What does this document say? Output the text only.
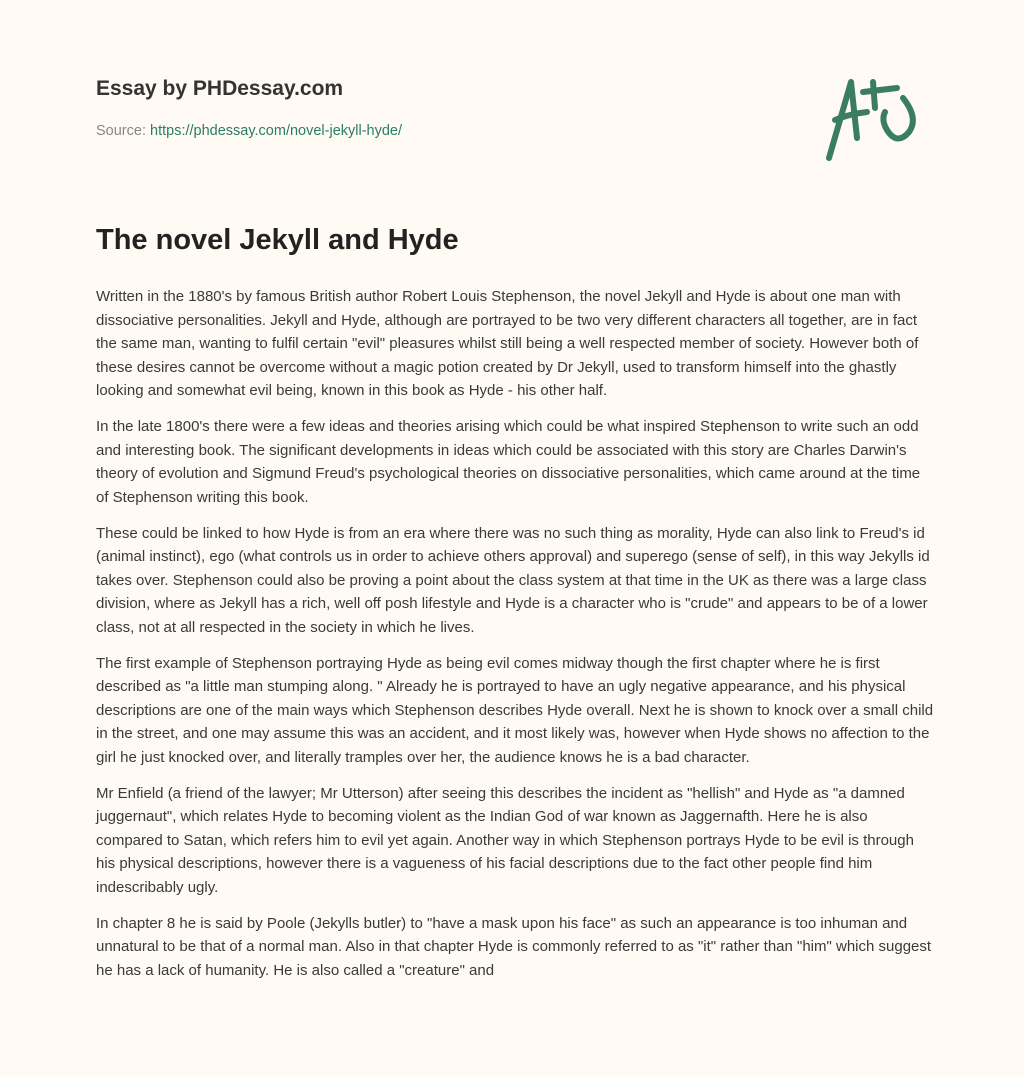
Essay by PHDessay.com
Source: https://phdessay.com/novel-jekyll-hyde/
The novel Jekyll and Hyde

Written in the 1880's by famous British author Robert Louis Stephenson, the novel Jekyll and Hyde is about one man with dissociative personalities. Jekyll and Hyde, although are portrayed to be two very different characters all together, are in fact the same man, wanting to fulfil certain "evil" pleasures whilst still being a well respected member of society. However both of these desires cannot be overcome without a magic potion created by Dr Jekyll, used to transform himself into the ghastly looking and somewhat evil being, known in this book as Hyde - his other half.

In the late 1800's there were a few ideas and theories arising which could be what inspired Stephenson to write such an odd and interesting book. The significant developments in ideas which could be associated with this story are Charles Darwin's theory of evolution and Sigmund Freud's psychological theories on dissociative personalities, which came around at the time of Stephenson writing this book.

These could be linked to how Hyde is from an era where there was no such thing as morality, Hyde can also link to Freud's id (animal instinct), ego (what controls us in order to achieve others approval) and superego (sense of self), in this way Jekylls id takes over. Stephenson could also be proving a point about the class system at that time in the UK as there was a large class division, where as Jekyll has a rich, well off posh lifestyle and Hyde is a character who is "crude" and appears to be of a lower class, not at all respected in the society in which he lives.

The first example of Stephenson portraying Hyde as being evil comes midway though the first chapter where he is first described as "a little man stumping along. " Already he is portrayed to have an ugly negative appearance, and his physical descriptions are one of the main ways which Stephenson describes Hyde overall. Next he is shown to knock over a small child in the street, and one may assume this was an accident, and it most likely was, however when Hyde shows no affection to the girl he just knocked over, and literally tramples over her, the audience knows he is a bad character.

Mr Enfield (a friend of the lawyer; Mr Utterson) after seeing this describes the incident as "hellish" and Hyde as "a damned juggernaut", which relates Hyde to becoming violent as the Indian God of war known as Jaggernafth. Here he is also compared to Satan, which refers him to evil yet again. Another way in which Stephenson portrays Hyde to be evil is through his physical descriptions, however there is a vagueness of his facial descriptions due to the fact other people find him indescribably ugly.

In chapter 8 he is said by Poole (Jekylls butler) to "have a mask upon his face" as such an appearance is too inhuman and unnatural to be that of a normal man. Also in that chapter Hyde is commonly referred to as "it" rather than "him" which suggest he has a lack of humanity. He is also called a "creature" and
